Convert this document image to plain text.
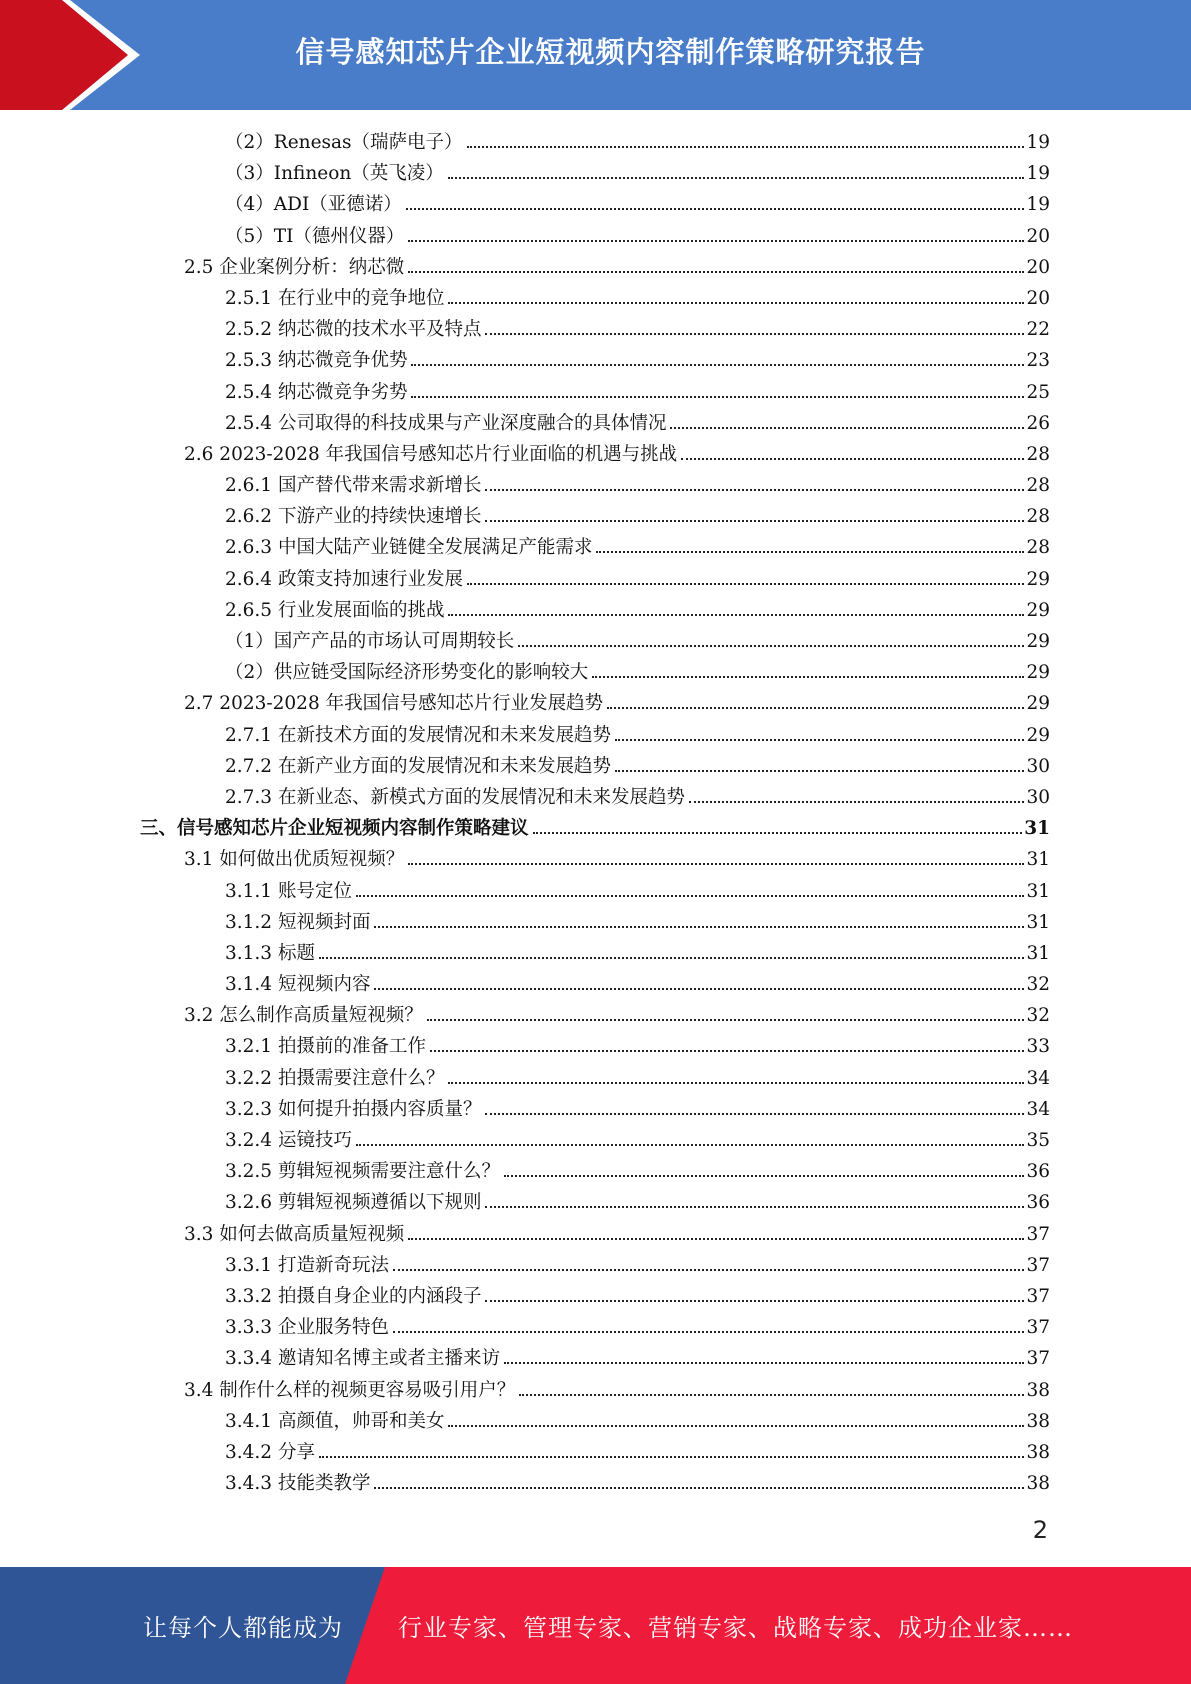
信号感知芯片企业短视频内容制作策略研究报告
（2）Renesas（瑞萨电子）	19
（3）Infineon（英飞凌）	19
（4）ADI（亚德诺）	19
（5）TI（德州仪器）	20
2.5 企业案例分析：纳芯微	20
2.5.1 在行业中的竞争地位	20
2.5.2 纳芯微的技术水平及特点	22
2.5.3 纳芯微竞争优势	23
2.5.4 纳芯微竞争劣势	25
2.5.4 公司取得的科技成果与产业深度融合的具体情况	26
2.6 2023-2028 年我国信号感知芯片行业面临的机遇与挑战	28
2.6.1 国产替代带来需求新增长	28
2.6.2 下游产业的持续快速增长	28
2.6.3 中国大陆产业链健全发展满足产能需求	28
2.6.4 政策支持加速行业发展	29
2.6.5 行业发展面临的挑战	29
（1）国产产品的市场认可周期较长	29
（2）供应链受国际经济形势变化的影响较大	29
2.7 2023-2028 年我国信号感知芯片行业发展趋势	29
2.7.1 在新技术方面的发展情况和未来发展趋势	29
2.7.2 在新产业方面的发展情况和未来发展趋势	30
2.7.3 在新业态、新模式方面的发展情况和未来发展趋势	30
三、信号感知芯片企业短视频内容制作策略建议	31
3.1 如何做出优质短视频？	31
3.1.1 账号定位	31
3.1.2 短视频封面	31
3.1.3 标题	31
3.1.4 短视频内容	32
3.2 怎么制作高质量短视频？	32
3.2.1 拍摄前的准备工作	33
3.2.2 拍摄需要注意什么？	34
3.2.3 如何提升拍摄内容质量？	34
3.2.4 运镜技巧	35
3.2.5 剪辑短视频需要注意什么？	36
3.2.6 剪辑短视频遵循以下规则	36
3.3 如何去做高质量短视频	37
3.3.1 打造新奇玩法	37
3.3.2 拍摄自身企业的内涵段子	37
3.3.3 企业服务特色	37
3.3.4 邀请知名博主或者主播来访	37
3.4 制作什么样的视频更容易吸引用户？	38
3.4.1 高颜值，帅哥和美女	38
3.4.2 分享	38
3.4.3 技能类教学	38
2
让每个人都能成为 行业专家、管理专家、营销专家、战略专家、成功企业家……
